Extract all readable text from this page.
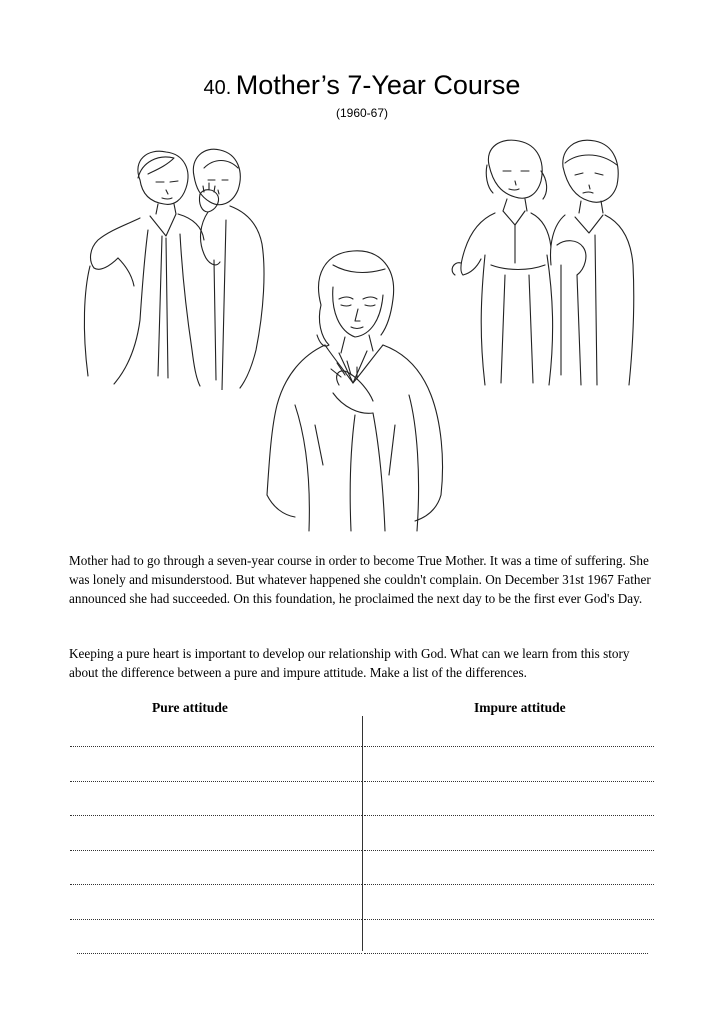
40. Mother’s 7-Year Course
(1960-67)

Mother had to go through a seven-year course in order to become True Mother. It was a time of suffering. She was lonely and misunderstood. But whatever happened she couldn't complain. On December 31st 1967 Father announced she had succeeded. On this foundation, he proclaimed the next day to be the first ever God's Day.

Keeping a pure heart is important to develop our relationship with God. What can we learn from this story about the difference between a pure and impure attitude. Make a list of the differences.

Pure attitude	Impure attitude
